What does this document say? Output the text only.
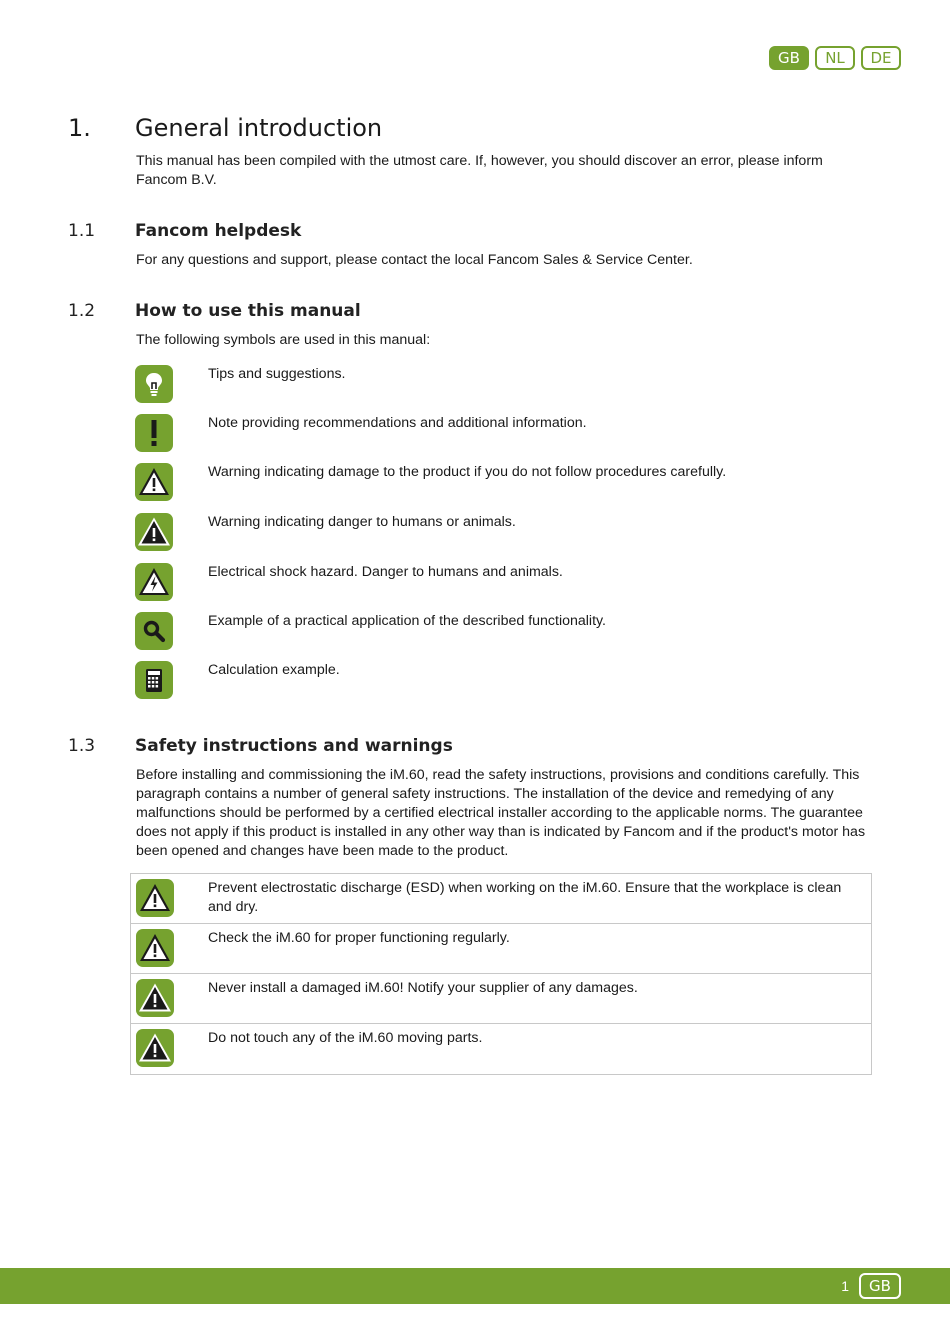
GB	NL	DE
1.	General introduction
This manual has been compiled with the utmost care. If, however, you should discover an error, please inform Fancom B.V.
1.1	Fancom helpdesk
For any questions and support, please contact the local Fancom Sales & Service Center.
1.2	How to use this manual
The following symbols are used in this manual:
Tips and suggestions.
Note providing recommendations and additional information.
Warning indicating damage to the product if you do not follow procedures carefully.
Warning indicating danger to humans or animals.
Electrical shock hazard. Danger to humans and animals.
Example of a practical application of the described functionality.
Calculation example.
1.3	Safety instructions and warnings
Before installing and commissioning the iM.60, read the safety instructions, provisions and conditions carefully. This paragraph contains a number of general safety instructions. The installation of the device and remedying of any malfunctions should be performed by a certified electrical installer according to the applicable norms. The guarantee does not apply if this product is installed in any other way than is indicated by Fancom and if the product's motor has been opened and changes have been made to the product.
Prevent electrostatic discharge (ESD) when working on the iM.60. Ensure that the workplace is clean and dry.
Check the iM.60 for proper functioning regularly.
Never install a damaged iM.60! Notify your supplier of any damages.
Do not touch any of the iM.60 moving parts.
1	GB
